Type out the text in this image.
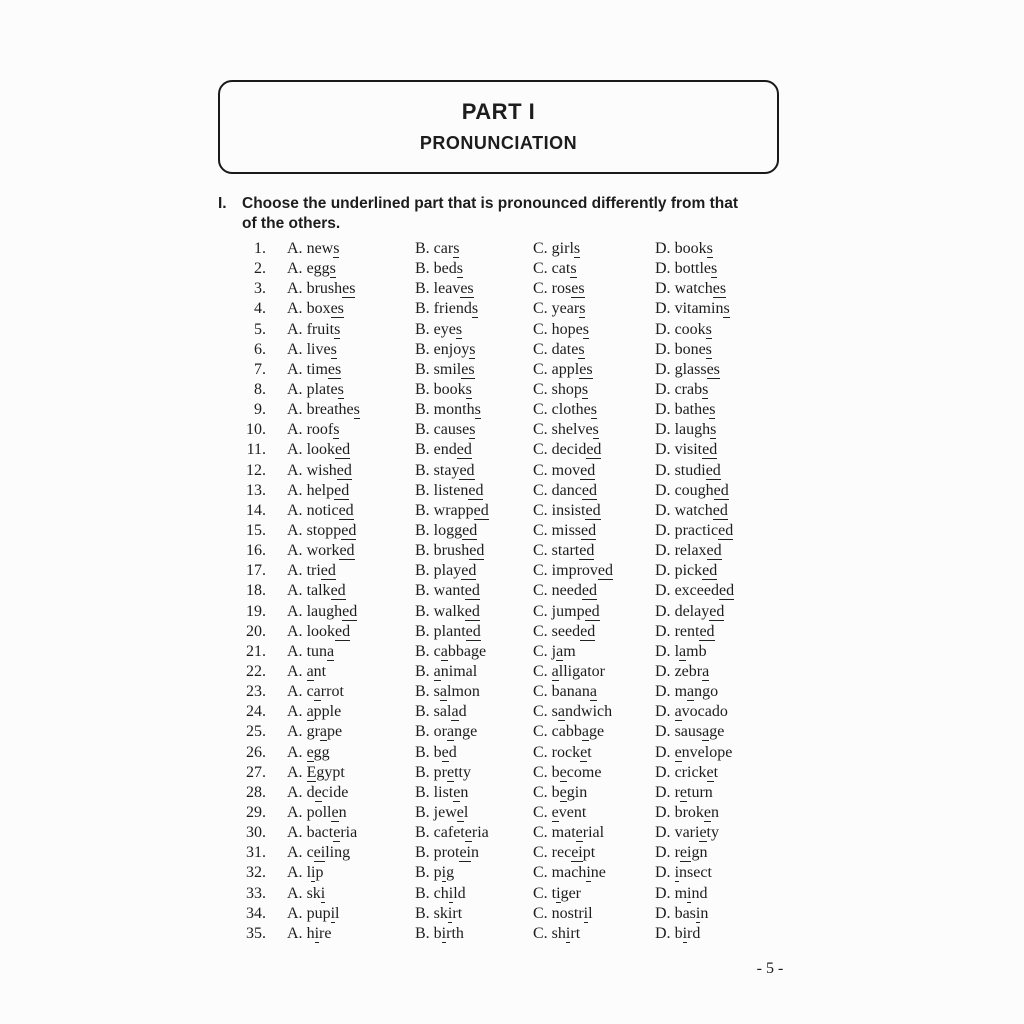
PART I
PRONUNCIATION
I. Choose the underlined part that is pronounced differently from that
of the others.
1. A. news	B. cars	C. girls	D. books
2. A. eggs	B. beds	C. cats	D. bottles
3. A. brushes	B. leaves	C. roses	D. watches
4. A. boxes	B. friends	C. years	D. vitamins
5. A. fruits	B. eyes	C. hopes	D. cooks
6. A. lives	B. enjoys	C. dates	D. bones
7. A. times	B. smiles	C. apples	D. glasses
8. A. plates	B. books	C. shops	D. crabs
9. A. breathes	B. months	C. clothes	D. bathes
10. A. roofs	B. causes	C. shelves	D. laughs
11. A. looked	B. ended	C. decided	D. visited
12. A. wished	B. stayed	C. moved	D. studied
13. A. helped	B. listened	C. danced	D. coughed
14. A. noticed	B. wrapped	C. insisted	D. watched
15. A. stopped	B. logged	C. missed	D. practiced
16. A. worked	B. brushed	C. started	D. relaxed
17. A. tried	B. played	C. improved	D. picked
18. A. talked	B. wanted	C. needed	D. exceeded
19. A. laughed	B. walked	C. jumped	D. delayed
20. A. looked	B. planted	C. seeded	D. rented
21. A. tuna	B. cabbage	C. jam	D. lamb
22. A. ant	B. animal	C. alligator	D. zebra
23. A. carrot	B. salmon	C. banana	D. mango
24. A. apple	B. salad	C. sandwich	D. avocado
25. A. grape	B. orange	C. cabbage	D. sausage
26. A. egg	B. bed	C. rocket	D. envelope
27. A. Egypt	B. pretty	C. become	D. cricket
28. A. decide	B. listen	C. begin	D. return
29. A. pollen	B. jewel	C. event	D. broken
30. A. bacteria	B. cafeteria	C. material	D. variety
31. A. ceiling	B. protein	C. receipt	D. reign
32. A. lip	B. pig	C. machine	D. insect
33. A. ski	B. child	C. tiger	D. mind
34. A. pupil	B. skirt	C. nostril	D. basin
35. A. hire	B. birth	C. shirt	D. bird
- 5 -
